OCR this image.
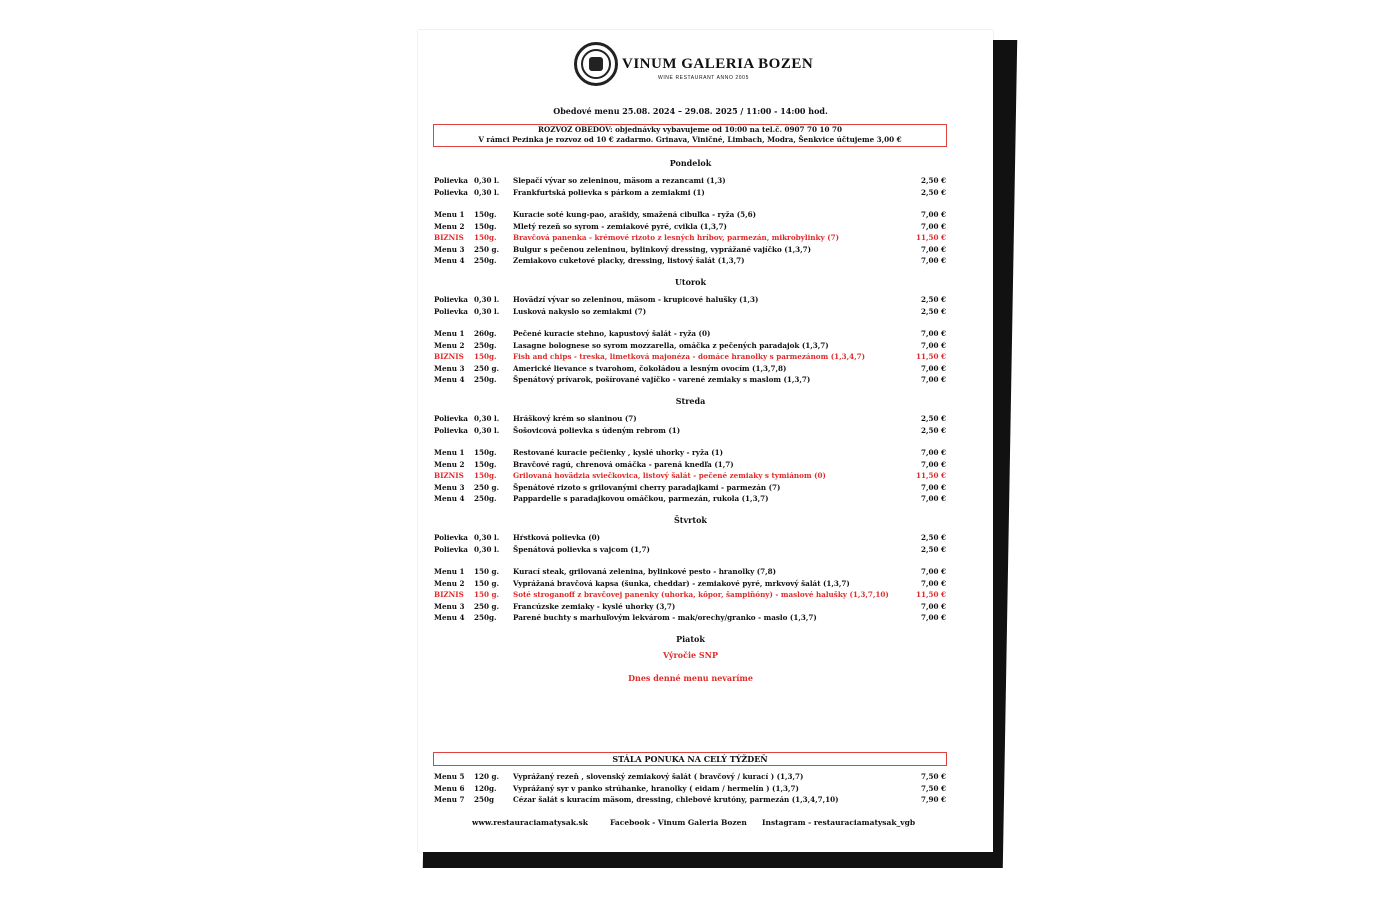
VINUM GALERIA BOZEN
WINE RESTAURANT ANNO 2005
Obedové menu 25.08. 2024 – 29.08. 2025 / 11:00 - 14:00 hod.
ROZVOZ OBEDOV: objednávky vybavujeme od 10:00 na tel.č. 0907 70 10 70
V rámci Pezinka je rozvoz od 10 € zadarmo. Grinava, Viničné, Limbach, Modra, Šenkvice účtujeme 3,00 €
Pondelok
Polievka 0,30 l. Slepačí vývar so zeleninou, mäsom a rezancami (1,3)	2,50 €
Polievka 0,30 l. Frankfurtská polievka s párkom a zemiakmi (1)	2,50 €
Menu 1 150g. Kuracie soté kung-pao, arašidy, smažená cibuľka - ryža (5,6)	7,00 €
Menu 2 150g. Mletý rezeň so syrom - zemiakové pyré, cvikla (1,3,7)	7,00 €
BIZNIS 150g. Bravčová panenka - krémové rizoto z lesných hríbov, parmezán, mikrobylinky (7)	11,50 €
Menu 3 250 g. Bulgur s pečenou zeleninou, bylinkový dressing, vyprážané vajíčko (1,3,7)	7,00 €
Menu 4 250g. Zemiakovo cuketové placky, dressing, listový šalát (1,3,7)	7,00 €
Utorok
Polievka 0,30 l. Hovädzí vývar so zeleninou, mäsom - krupicové halušky (1,3)	2,50 €
Polievka 0,30 l. Lusková nakyslo so zemiakmi (7)	2,50 €
Menu 1 260g. Pečené kuracie stehno, kapustový šalát - ryža (0)	7,00 €
Menu 2 250g. Lasagne bolognese so syrom mozzarella, omáčka z pečených paradajok (1,3,7)	7,00 €
BIZNIS 150g. Fish and chips - treska, limetková majonéza - domáce hranolky s parmezánom (1,3,4,7)	11,50 €
Menu 3 250 g. Americké lievance s tvarohom, čokoládou a lesným ovocím (1,3,7,8)	7,00 €
Menu 4 250g. Špenátový prívarok, pošírované vajíčko - varené zemiaky s maslom (1,3,7)	7,00 €
Streda
Polievka 0,30 l. Hráškový krém so slaninou (7)	2,50 €
Polievka 0,30 l. Šošovicová polievka s údeným rebrom (1)	2,50 €
Menu 1 150g. Restované kuracie pečienky , kyslé uhorky - ryža (1)	7,00 €
Menu 2 150g. Bravčové ragú, chrenová omáčka - parená knedľa (1,7)	7,00 €
BIZNIS 150g. Grilovaná hovädzia sviečkovica, listový šalát - pečené zemiaky s tymiánom (0)	11,50 €
Menu 3 250 g. Špenátové rizoto s grilovanými cherry paradajkami - parmezán (7)	7,00 €
Menu 4 250g. Pappardelle s paradajkovou omáčkou, parmezán, rukola (1,3,7)	7,00 €
Štvrtok
Polievka 0,30 l. Hŕstková polievka (0)	2,50 €
Polievka 0,30 l. Špenátová polievka s vajcom (1,7)	2,50 €
Menu 1 150 g. Kurací steak, grilovaná zelenina, bylinkové pesto - hranolky (7,8)	7,00 €
Menu 2 150 g. Vyprážaná bravčová kapsa (šunka, cheddar) - zemiakové pyré, mrkvový šalát (1,3,7)	7,00 €
BIZNIS 150 g. Soté stroganoff z bravčovej panenky (uhorka, kôpor, šampiňóny) - maslové halušky (1,3,7,10)	11,50 €
Menu 3 250 g. Francúzske zemiaky - kyslé uhorky (3,7)	7,00 €
Menu 4 250g. Parené buchty s marhuľovým lekvárom - mak/orechy/granko - maslo (1,3,7)	7,00 €
Piatok
Výročie SNP
Dnes denné menu nevaríme
STÁLA PONUKA NA CELÝ TÝŽDEŇ
Menu 5 120 g. Vyprážaný rezeň , slovenský zemiakový šalát ( bravčový / kurací ) (1,3,7)	7,50 €
Menu 6 120g. Vyprážaný syr v panko strúhanke, hranolky ( eidam / hermelín ) (1,3,7)	7,50 €
Menu 7 250g	Cézar šalát s kuracím mäsom, dressing, chlebové krutóny, parmezán (1,3,4,7,10)	7,90 €
www.restauraciamatysak.sk	Facebook - Vinum Galeria Bozen Instagram - restauraciamatysak_vgb
